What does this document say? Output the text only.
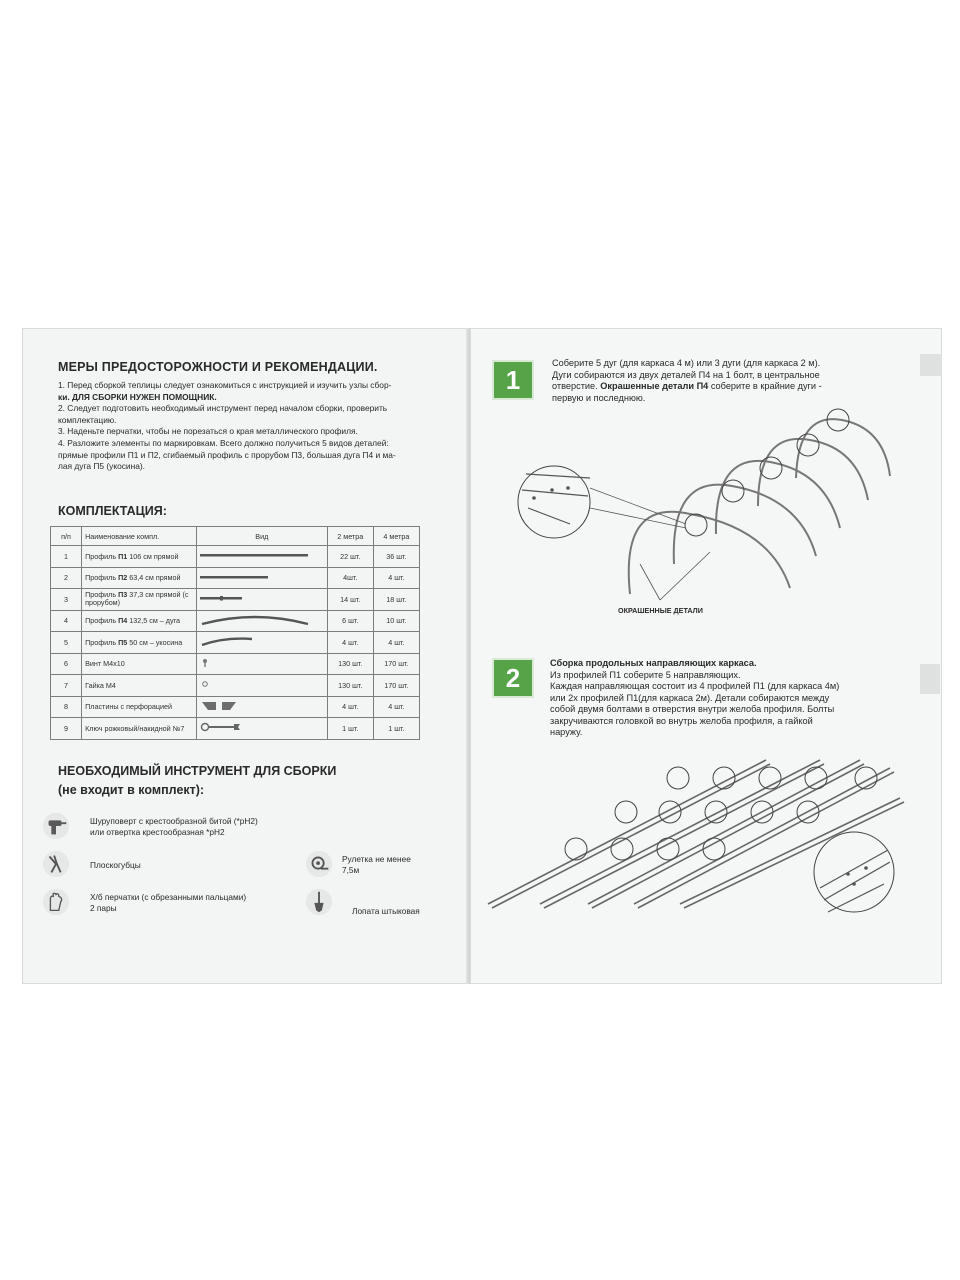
МЕРЫ ПРЕДОСТОРОЖНОСТИ И РЕКОМЕНДАЦИИ.

1. Перед сборкой теплицы следует ознакомиться с инструкцией и изучить узлы сбор-

ки. ДЛЯ СБОРКИ НУЖЕН ПОМОЩНИК.

2. Следует подготовить необходимый инструмент перед началом сборки, проверить

комплектацию.

3. Наденьте перчатки, чтобы не порезаться о края металлического профиля.

4. Разложите элементы по маркировкам. Всего должно получиться 5 видов деталей:

прямые профили П1 и П2, сгибаемый профиль с прорубом П3, большая дуга П4 и ма-

лая дуга П5 (укосина).

КОМПЛЕКТАЦИЯ:
п/п	Наименование компл.	Вид	2 метра	4 метра
1	Профиль П1 106 см прямой		22 шт.	36 шт.
2	Профиль П2 63,4 см прямой		4шт.	4 шт.
3	Профиль П3 37,3 см прямой (с прорубом)		14 шт.	18 шт.
4	Профиль П4 132,5 см – дуга		6 шт.	10 шт.
5	Профиль П5 50 см – укосина		4 шт.	4 шт.
6	Винт М4х10		130 шт.	170 шт.
7	Гайка М4		130 шт.	170 шт.
8	Пластины с перфорацией		4 шт.	4 шт.
9	Ключ рожковый/накидной №7		1 шт.	1 шт.
НЕОБХОДИМЫЙ ИНСТРУМЕНТ ДЛЯ СБОРКИ
(не входит в комплект):
Шуруповерт с крестообразной битой (*pH2)
или отвертка крестообразная *pH2
Плоскогубцы
Рулетка не менее
7,5м
Х/б перчатки (с обрезанными пальцами)
2 пары	Лопата штыковая
1
Соберите 5 дуг (для каркаса 4 м) или 3 дуги (для каркаса 2 м).
Дуги собираются из двух деталей П4 на 1 болт, в центральное
отверстие. Окрашенные детали П4 соберите в крайние дуги -
первую и последнюю.
ОКРАШЕННЫЕ ДЕТАЛИ
2	Сборка продольных направляющих каркаса.
Из профилей П1 соберите 5 направляющих.
Каждая направляющая состоит из 4 профилей П1 (для каркаса 4м)
или 2х профилей П1(для каркаса 2м). Детали собираются между
собой двумя болтами в отверстия внутри желоба профиля. Болты
закручиваются головкой во внутрь желоба профиля, а гайкой
наружу.
